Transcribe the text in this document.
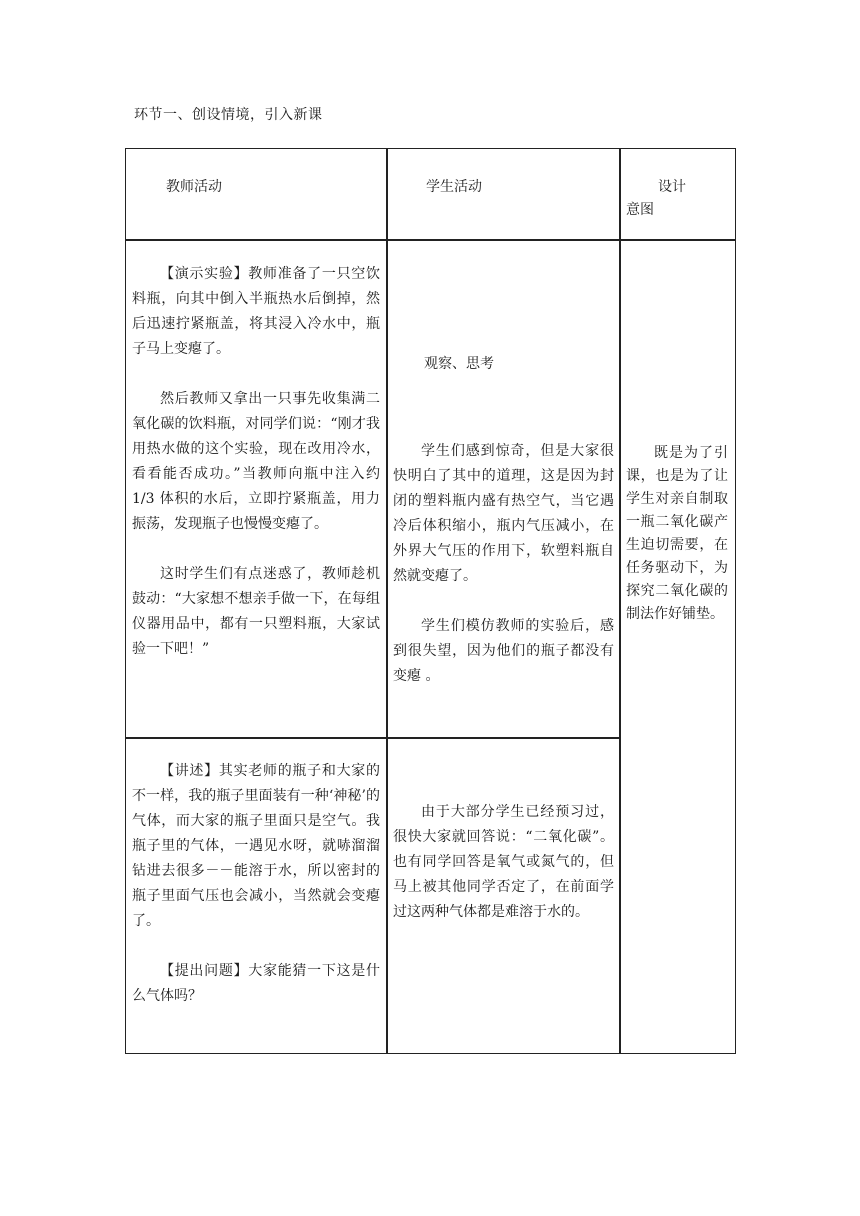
环节一、创设情境，引入新课
教师活动	学生活动	设计
意图

【演示实验】教师准备了一只空饮料瓶，向其中倒入半瓶热水后倒掉，然后迅速拧紧瓶盖，将其浸入冷水中，瓶子马上变瘪了。

然后教师又拿出一只事先收集满二氧化碳的饮料瓶，对同学们说：“刚才我用热水做的这个实验，现在改用冷水，看看能否成功。”当教师向瓶中注入约 1/3 体积的水后，立即拧紧瓶盖，用力振荡，发现瓶子也慢慢变瘪了。

这时学生们有点迷惑了，教师趁机鼓动：“大家想不想亲手做一下，在每组仪器用品中，都有一只塑料瓶，大家试验一下吧！”

观察、思考

学生们感到惊奇，但是大家很快明白了其中的道理，这是因为封闭的塑料瓶内盛有热空气，当它遇冷后体积缩小，瓶内气压减小，在外界大气压的作用下，软塑料瓶自然就变瘪了。

学生们模仿教师的实验后，感到很失望，因为他们的瓶子都没有变瘪 。

既是为了引课，也是为了让学生对亲自制取一瓶二氧化碳产生迫切需要，在任务驱动下，为探究二氧化碳的制法作好铺垫。

【讲述】其实老师的瓶子和大家的不一样，我的瓶子里面装有一种‘神秘’的气体，而大家的瓶子里面只是空气。我瓶子里的气体，一遇见水呀，就哧溜溜钻进去很多－－能溶于水，所以密封的瓶子里面气压也会减小，当然就会变瘪了。

【提出问题】大家能猜一下这是什么气体吗？

由于大部分学生已经预习过，很快大家就回答说：“二氧化碳”。也有同学回答是氧气或氮气的，但马上被其他同学否定了，在前面学过这两种气体都是难溶于水的。
